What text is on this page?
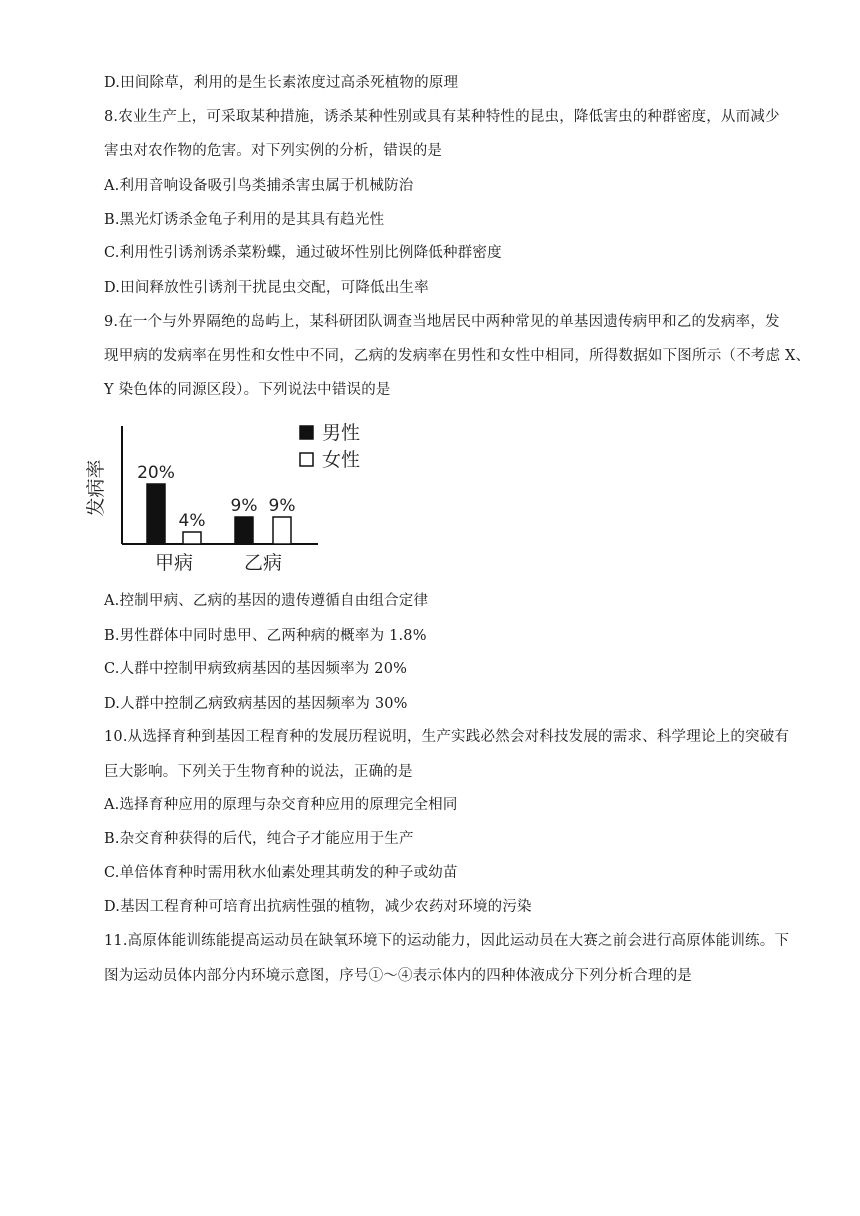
D.田间除草，利用的是生长素浓度过高杀死植物的原理
8.农业生产上，可采取某种措施，诱杀某种性别或具有某种特性的昆虫，降低害虫的种群密度，从而减少
害虫对农作物的危害。对下列实例的分析，错误的是
A.利用音响设备吸引鸟类捕杀害虫属于机械防治
B.黑光灯诱杀金龟子利用的是其具有趋光性
C.利用性引诱剂诱杀菜粉蝶，通过破坏性别比例降低种群密度
D.田间释放性引诱剂干扰昆虫交配，可降低出生率
9.在一个与外界隔绝的岛屿上，某科研团队调查当地居民中两种常见的单基因遗传病甲和乙的发病率，发
现甲病的发病率在男性和女性中不同，乙病的发病率在男性和女性中相同，所得数据如下图所示（不考虑 X、
Y 染色体的同源区段）。下列说法中错误的是
发病率 20%
9%
4%
9%
甲病	乙病
男性
女性
A.控制甲病、乙病的基因的遗传遵循自由组合定律
B.男性群体中同时患甲、乙两种病的概率为 1.8%
C.人群中控制甲病致病基因的基因频率为 20%
D.人群中控制乙病致病基因的基因频率为 30%
10.从选择育种到基因工程育种的发展历程说明，生产实践必然会对科技发展的需求、科学理论上的突破有
巨大影响。下列关于生物育种的说法，正确的是
A.选择育种应用的原理与杂交育种应用的原理完全相同
B.杂交育种获得的后代，纯合子才能应用于生产
C.单倍体育种时需用秋水仙素处理其萌发的种子或幼苗
D.基因工程育种可培育出抗病性强的植物，减少农药对环境的污染
11.高原体能训练能提高运动员在缺氧环境下的运动能力，因此运动员在大赛之前会进行高原体能训练。下
图为运动员体内部分内环境示意图，序号①～④表示体内的四种体液成分下列分析合理的是
